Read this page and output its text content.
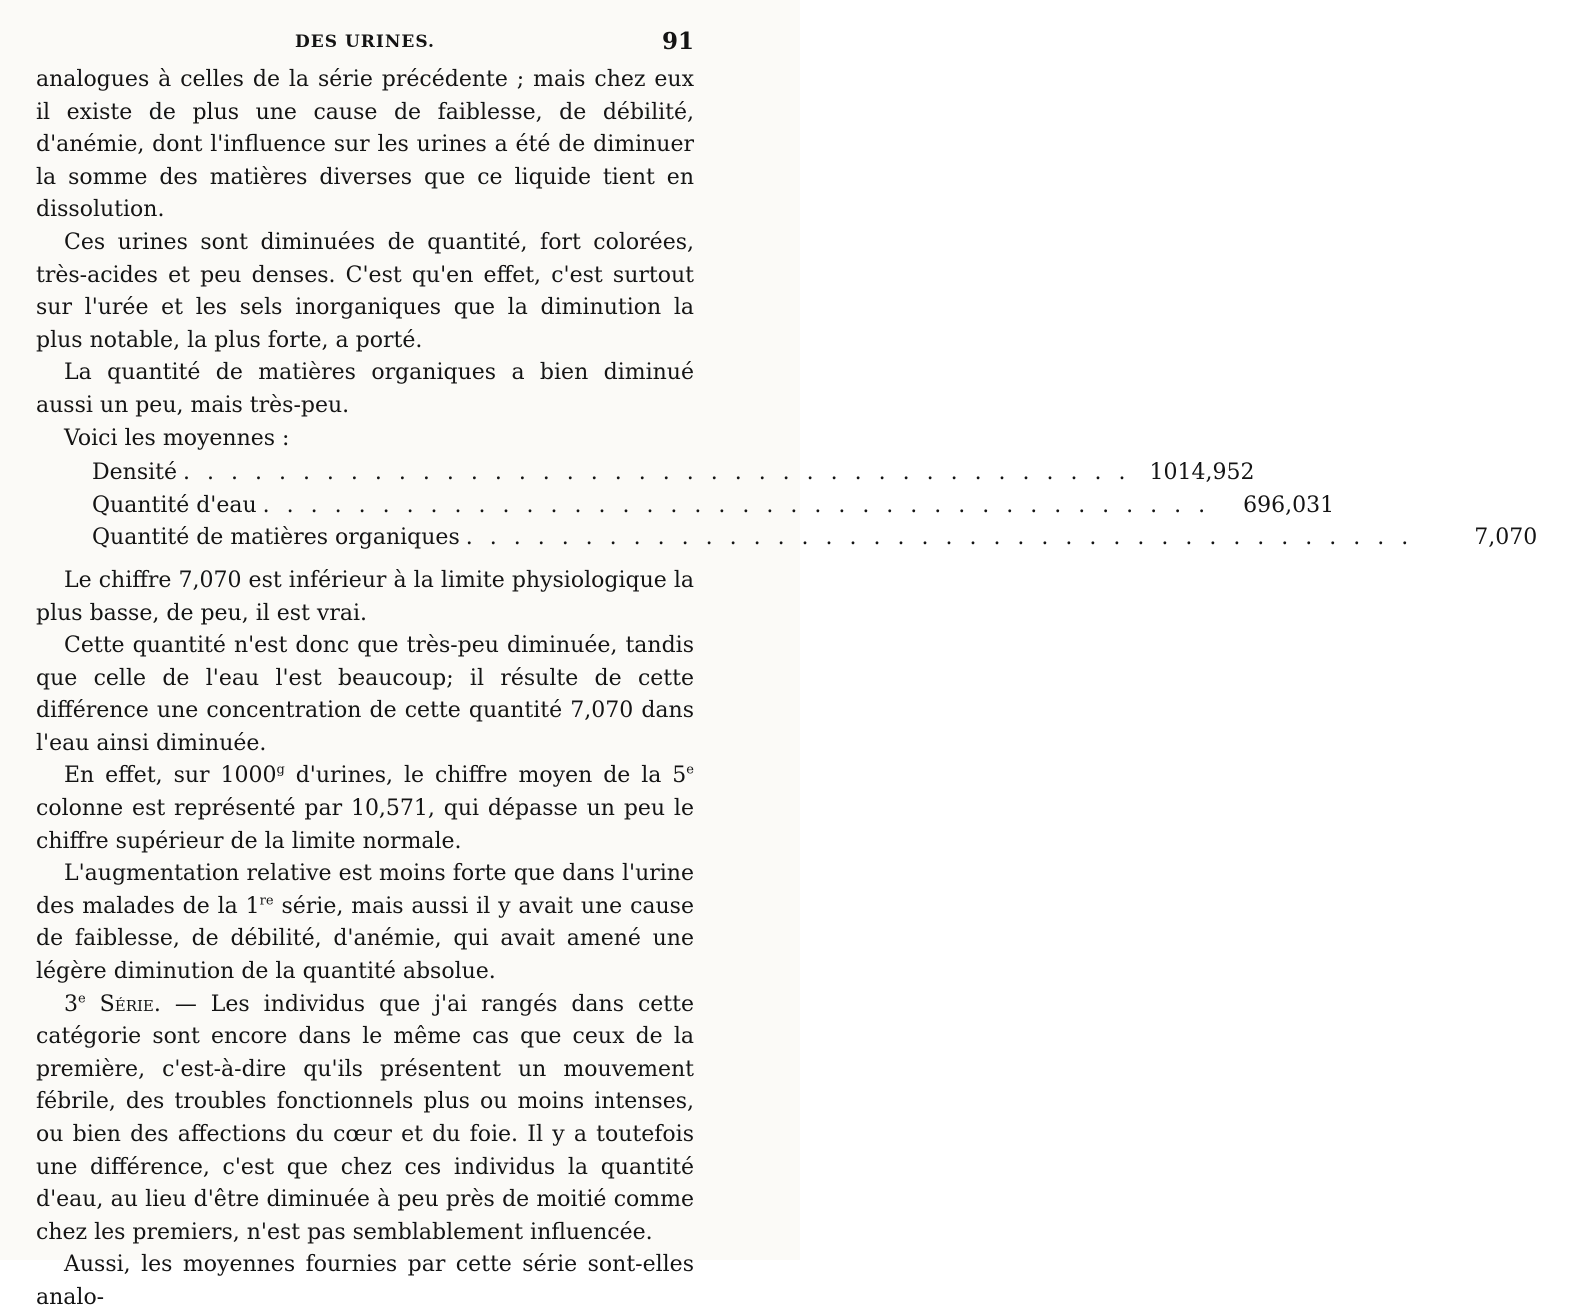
DES URINES.	91

analogues à celles de la série précédente ; mais chez eux il existe de plus une cause de faiblesse, de débilité, d'anémie, dont l'influence sur les urines a été de diminuer la somme des matières diverses que ce liquide tient en dissolution.

Ces urines sont diminuées de quantité, fort colorées, très-acides et peu denses. C'est qu'en effet, c'est surtout sur l'urée et les sels inorganiques que la diminution la plus notable, la plus forte, a porté.

La quantité de matières organiques a bien diminué aussi un peu, mais très-peu.

Voici les moyennes :

Densité . . .	1014,952
Quantité d'eau . . .	696,031
Quantité de matières organiques . . .	7,070

Le chiffre 7,070 est inférieur à la limite physiologique la plus basse, de peu, il est vrai.

Cette quantité n'est donc que très-peu diminuée, tandis que celle de l'eau l'est beaucoup; il résulte de cette différence une concentration de cette quantité 7,070 dans l'eau ainsi diminuée.

En effet, sur 1000$^g$ d'urines, le chiffre moyen de la 5e colonne est représenté par 10,571, qui dépasse un peu le chiffre supérieur de la limite normale.

L'augmentation relative est moins forte que dans l'urine des malades de la 1re série, mais aussi il y avait une cause de faiblesse, de débilité, d'anémie, qui avait amené une légère diminution de la quantité absolue.

3e Série. — Les individus que j'ai rangés dans cette catégorie sont encore dans le même cas que ceux de la première, c'est-à-dire qu'ils présentent un mouvement fébrile, des troubles fonctionnels plus ou moins intenses, ou bien des affections du cœur et du foie. Il y a toutefois une différence, c'est que chez ces individus la quantité d'eau, au lieu d'être diminuée à peu près de moitié comme chez les premiers, n'est pas semblablement influencée.

Aussi, les moyennes fournies par cette série sont-elles analo-
